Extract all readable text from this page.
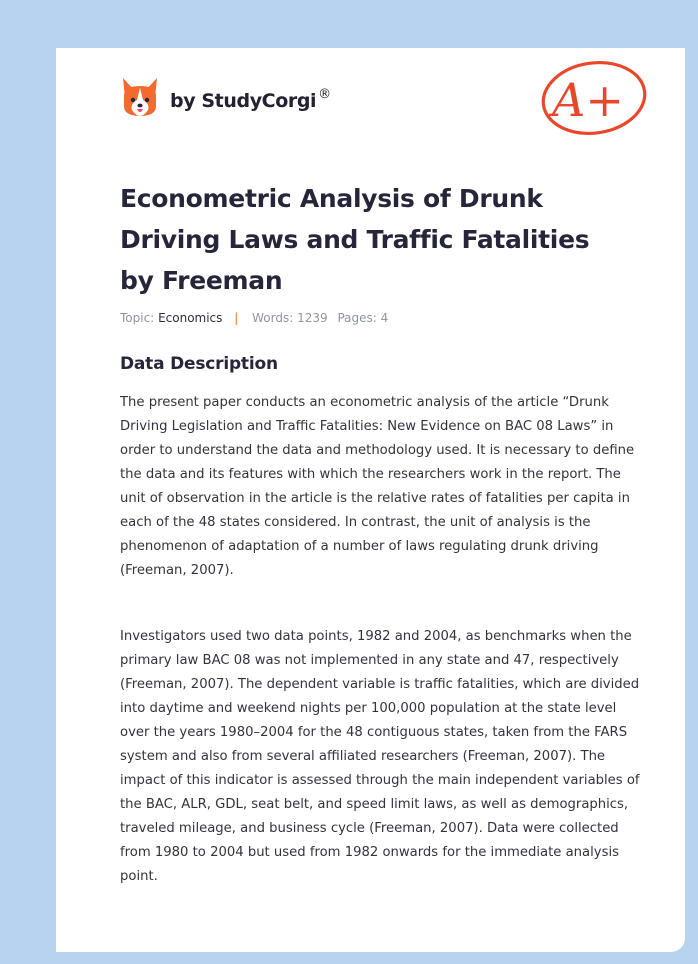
by StudyCorgi ®	A+
Econometric Analysis of Drunk Driving Laws and Traffic Fatalities by Freeman
Topic: Economics | Words: 1239 Pages: 4
Data Description

The present paper conducts an econometric analysis of the article “Drunk Driving Legislation and Traffic Fatalities: New Evidence on BAC 08 Laws” in order to understand the data and methodology used. It is necessary to define the data and its features with which the researchers work in the report. The unit of observation in the article is the relative rates of fatalities per capita in each of the 48 states considered. In contrast, the unit of analysis is the phenomenon of adaptation of a number of laws regulating drunk driving (Freeman, 2007).

Investigators used two data points, 1982 and 2004, as benchmarks when the primary law BAC 08 was not implemented in any state and 47, respectively (Freeman, 2007). The dependent variable is traffic fatalities, which are divided into daytime and weekend nights per 100,000 population at the state level over the years 1980–2004 for the 48 contiguous states, taken from the FARS system and also from several affiliated researchers (Freeman, 2007). The impact of this indicator is assessed through the main independent variables of the BAC, ALR, GDL, seat belt, and speed limit laws, as well as demographics, traveled mileage, and business cycle (Freeman, 2007). Data were collected from 1980 to 2004 but used from 1982 onwards for the immediate analysis point.
